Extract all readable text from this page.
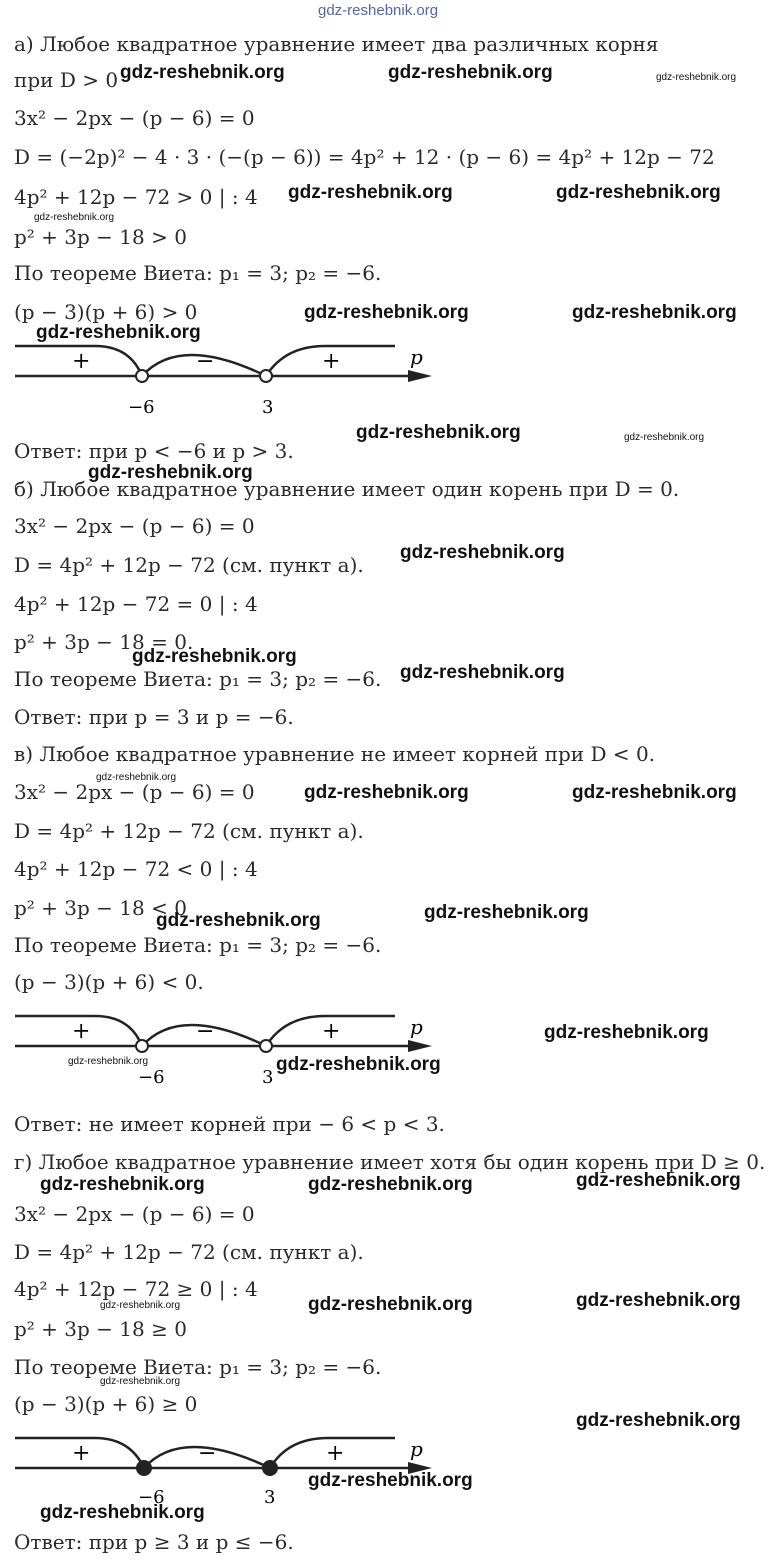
gdz-reshebnik.org
а) Любое квадратное уравнение имеет два различных корня
при D > 0
3x² − 2px − (p − 6) = 0
D = (−2p)² − 4 · 3 · (−(p − 6)) = 4p² + 12 · (p − 6) = 4p² + 12p − 72
4p² + 12p − 72 > 0 | : 4
p² + 3p − 18 > 0
По теореме Виета: p₁ = 3; p₂ = −6.
(p − 3)(p + 6) > 0
+	−	+	p
−6	3
Ответ: при p < −6 и p > 3.
б) Любое квадратное уравнение имеет один корень при D = 0.
3x² − 2px − (p − 6) = 0
D = 4p² + 12p − 72 (см. пункт а).
4p² + 12p − 72 = 0 | : 4
p² + 3p − 18 = 0.
По теореме Виета: p₁ = 3; p₂ = −6.
Ответ: при p = 3 и p = −6.
в) Любое квадратное уравнение не имеет корней при D < 0.
3x² − 2px − (p − 6) = 0
D = 4p² + 12p − 72 (см. пункт а).
4p² + 12p − 72 < 0 | : 4
p² + 3p − 18 < 0
По теореме Виета: p₁ = 3; p₂ = −6.
(p − 3)(p + 6) < 0.
+	−	+	p
−6	3
Ответ: не имеет корней при − 6 < p < 3.
г) Любое квадратное уравнение имеет хотя бы один корень при D ≥ 0.
3x² − 2px − (p − 6) = 0
D = 4p² + 12p − 72 (см. пункт а).
4p² + 12p − 72 ≥ 0 | : 4
p² + 3p − 18 ≥ 0
По теореме Виета: p₁ = 3; p₂ = −6.
(p − 3)(p + 6) ≥ 0
+	−	+	p
−6	3
Ответ: при p ≥ 3 и p ≤ −6.
gdz-reshebnik.org	gdz-reshebnik.org
gdz-reshebnik.org	gdz-reshebnik.org
gdz-reshebnik.org	gdz-reshebnik.org
gdz-reshebnik.org
gdz-reshebnik.org
gdz-reshebnik.org
gdz-reshebnik.org
gdz-reshebnik.org
gdz-reshebnik.org
gdz-reshebnik.org	gdz-reshebnik.org
gdz-reshebnik.org	gdz-reshebnik.org
gdz-reshebnik.org
gdz-reshebnik.org
gdz-reshebnik.org	gdz-reshebnik.org	gdz-reshebnik.org
gdz-reshebnik.org	gdz-reshebnik.org
gdz-reshebnik.org
gdz-reshebnik.org
gdz-reshebnik.org
gdz-reshebnik.org
gdz-reshebnik.org
gdz-reshebnik.org
gdz-reshebnik.org
gdz-reshebnik.org
gdz-reshebnik.org
gdz-reshebnik.org
